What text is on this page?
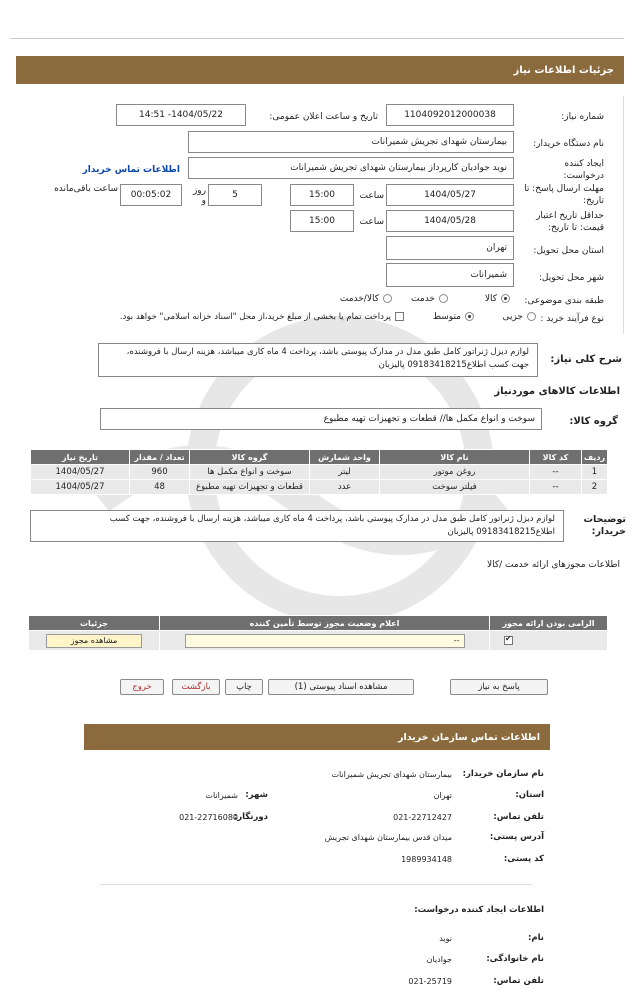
جزئیات اطلاعات نیاز
شماره نیاز:
1104092012000038
تاریخ و ساعت اعلان عمومی:
1404/05/22- 14:51
نام دستگاه خریدار:
بیمارستان شهدای تجریش شمیرانات
ایجاد کننده درخواست:
نوید جوادیان کارپرداز بیمارستان شهدای تجریش شمیرانات
اطلاعات تماس خریدار
مهلت ارسال پاسخ: تا تاریخ:
1404/05/27
ساعت
15:00
5
روز و
00:05:02
ساعت باقی‌مانده
حداقل تاریخ اعتبار قیمت: تا تاریخ:
1404/05/28
ساعت
15:00
استان محل تحویل:
تهران
شهر محل تحویل:
شمیرانات
طبقه بندی موضوعی:
کالا
خدمت
کالا/خدمت
نوع فرآیند خرید :
جزیی
متوسط
پرداخت تمام یا بخشی از مبلغ خرید،از محل "اسناد خزانه اسلامی" خواهد بود.
شرح کلی نیاز:
لوازم دیزل ژنراتور کامل طبق مدل در مدارک پیوستی باشد، پرداخت 4 ماه کاری میباشد، هزینه ارسال با فروشنده، جهت کسب اطلاع09183418215 پالیزبان
اطلاعات کالاهای موردنیاز
گروه کالا:
سوخت و انواع مکمل ها// قطعات و تجهیزات تهیه مطبوع
ردیف	کد کالا	نام کالا	واحد شمارش	گروه کالا	تعداد / مقدار	تاریخ نیاز
1	--	روغن موتور	لیتر	سوخت و انواع مکمل ها	960	1404/05/27
2	--	فیلتر سوخت	عدد	قطعات و تجهیزات تهیه مطبوع	48	1404/05/27
توضیحات خریدار:
لوازم دیزل ژنراتور کامل طبق مدل در مدارک پیوستی باشد، پرداخت 4 ماه کاری میباشد، هزینه ارسال با فروشنده، جهت کسب اطلاع09183418215 پالیزبان
اطلاعات مجوزهای ارائه خدمت /کالا
الزامی بودن ارائه مجوز	اعلام وضعیت مجوز توسط تأمین کننده	جزئیات
✔	
--	مشاهده مجوز
پاسخ به نیاز
مشاهده اسناد پیوستی (1)
چاپ
بازگشت
خروج
اطلاعات تماس سازمان خریدار
نام سازمان خریدار:
بیمارستان شهدای تجریش شمیرانات
استان:
تهران
شهر:
شمیرانات
تلفن تماس:
021-22712427
دورنگار:
021-22716080
آدرس پستی:
میدان قدس بیمارستان شهدای تجریش
کد پستی:
1989934148
اطلاعات ایجاد کننده درخواست:
نام:
نوید
نام خانوادگی:
جوادیان
تلفن تماس:
021-25719
